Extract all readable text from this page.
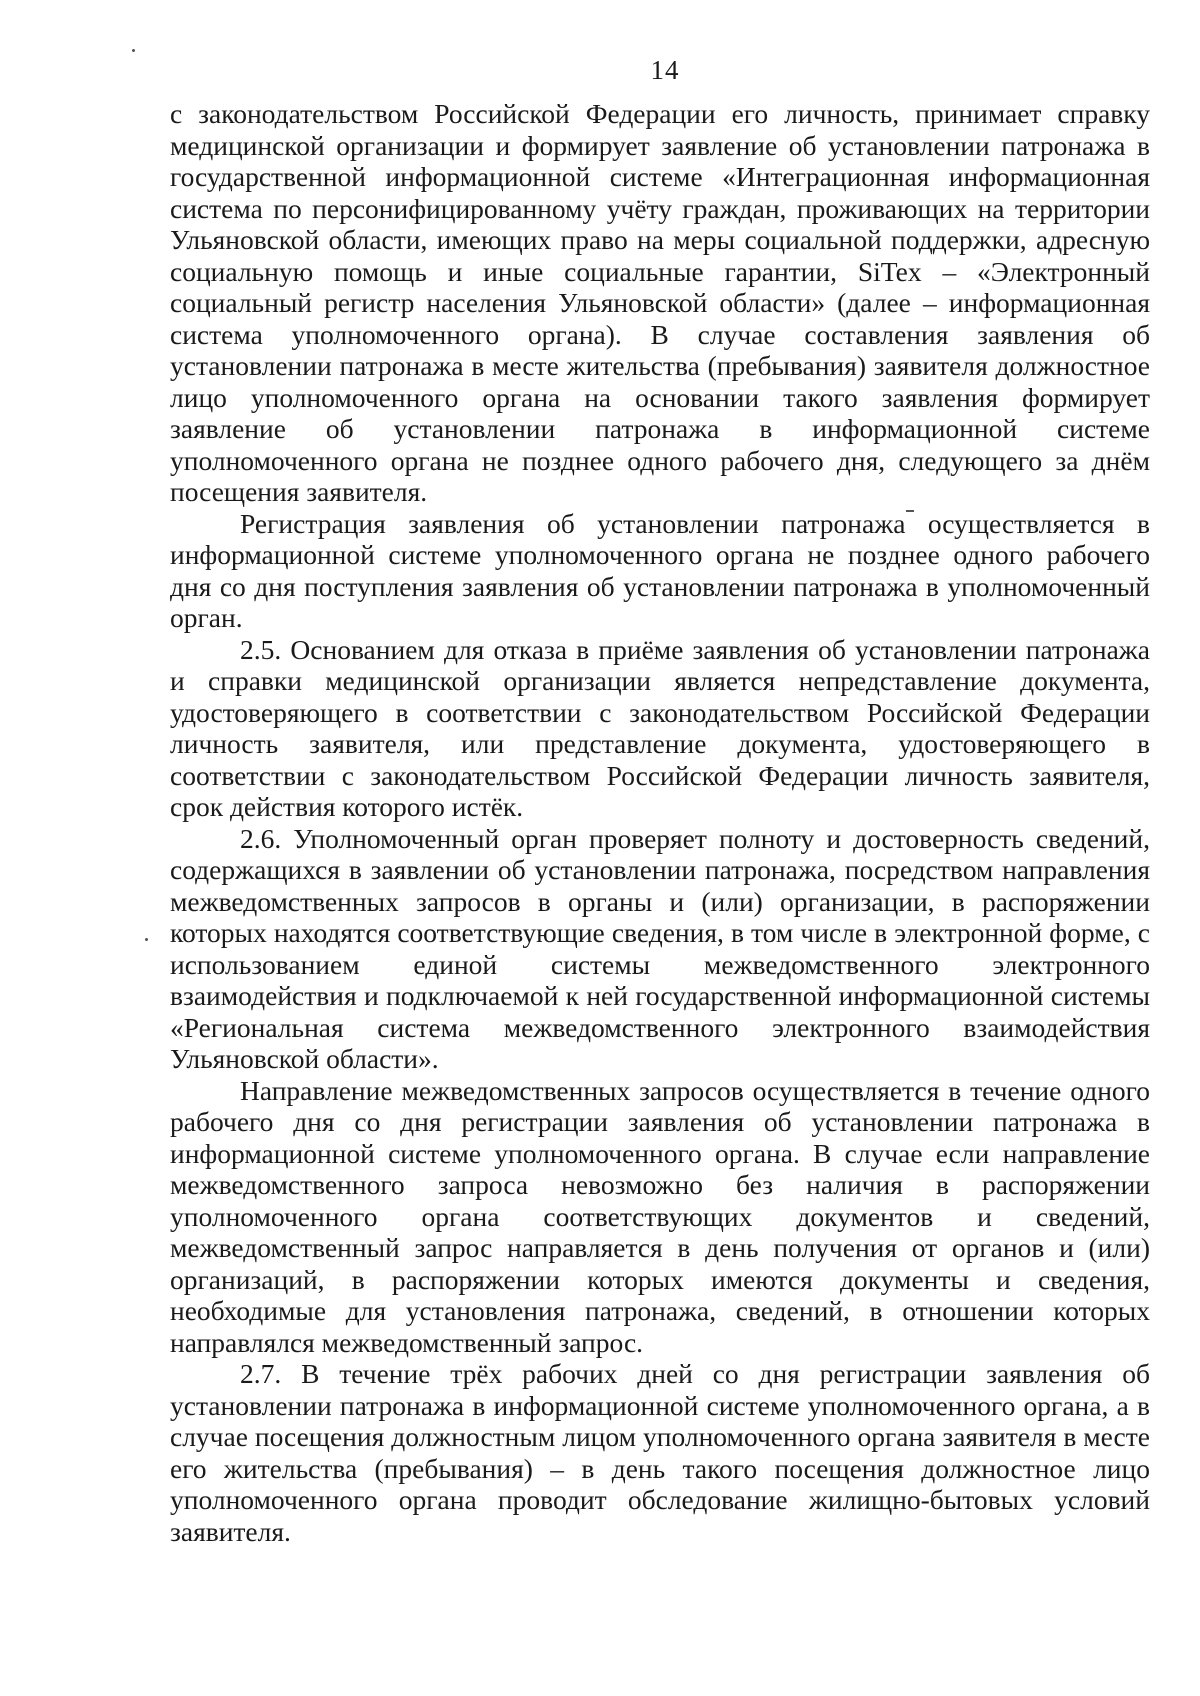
14

с законодательством Российской Федерации его личность, принимает справку медицинской организации и формирует заявление об установлении патронажа в государственной информационной системе «Интеграционная информационная система по персонифицированному учёту граждан, проживающих на территории Ульяновской области, имеющих право на меры социальной поддержки, адресную социальную помощь и иные социальные гарантии, SiTex – «Электронный социальный регистр населения Ульяновской области» (далее – информационная система уполномоченного органа). В случае составления заявления об установлении патронажа в месте жительства (пребывания) заявителя должностное лицо уполномоченного органа на основании такого заявления формирует заявление об установлении патронажа в информационной системе уполномоченного органа не позднее одного рабочего дня, следующего за днём посещения заявителя.

Регистрация заявления об установлении патронажа осуществляется в информационной системе уполномоченного органа не позднее одного рабочего дня со дня поступления заявления об установлении патронажа в уполномоченный орган.

2.5. Основанием для отказа в приёме заявления об установлении патронажа и справки медицинской организации является непредставление документа, удостоверяющего в соответствии с законодательством Российской Федерации личность заявителя, или представление документа, удостоверяющего в соответствии с законодательством Российской Федерации личность заявителя, срок действия которого истёк.

2.6. Уполномоченный орган проверяет полноту и достоверность сведений, содержащихся в заявлении об установлении патронажа, посредством направления межведомственных запросов в органы и (или) организации, в распоряжении которых находятся соответствующие сведения, в том числе в электронной форме, с использованием единой системы межведомственного электронного взаимодействия и подключаемой к ней государственной информационной системы «Региональная система межведомственного электронного взаимодействия Ульяновской области».

Направление межведомственных запросов осуществляется в течение одного рабочего дня со дня регистрации заявления об установлении патронажа в информационной системе уполномоченного органа. В случае если направление межведомственного запроса невозможно без наличия в распоряжении уполномоченного органа соответствующих документов и сведений, межведомственный запрос направляется в день получения от органов и (или) организаций, в распоряжении которых имеются документы и сведения, необходимые для установления патронажа, сведений, в отношении которых направлялся межведомственный запрос.

2.7. В течение трёх рабочих дней со дня регистрации заявления об установлении патронажа в информационной системе уполномоченного органа, а в случае посещения должностным лицом уполномоченного органа заявителя в месте его жительства (пребывания) – в день такого посещения должностное лицо уполномоченного органа проводит обследование жилищно-бытовых условий заявителя.
